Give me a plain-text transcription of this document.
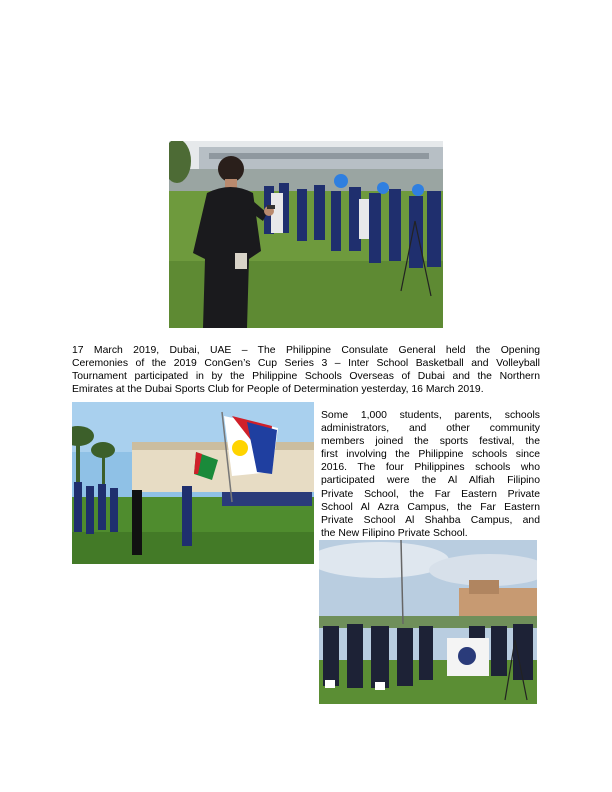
17 March 2019, Dubai, UAE – The Philippine Consulate General held the Opening
Ceremonies of the 2019 ConGen’s Cup Series 3 – Inter School Basketball and Volleyball
Tournament participated in by the Philippine Schools Overseas of Dubai and the Northern
Emirates at the Dubai Sports Club for People of Determination yesterday, 16 March 2019.
Some 1,000 students, parents, schools
administrators, and other community
members joined the sports festival, the
first involving the Philippine schools since
2016. The four Philippines schools who
participated were the Al Alfiah Filipino
Private School, the Far Eastern Private
School Al Azra Campus, the Far Eastern
Private School Al Shahba Campus, and
the New Filipino Private School.
